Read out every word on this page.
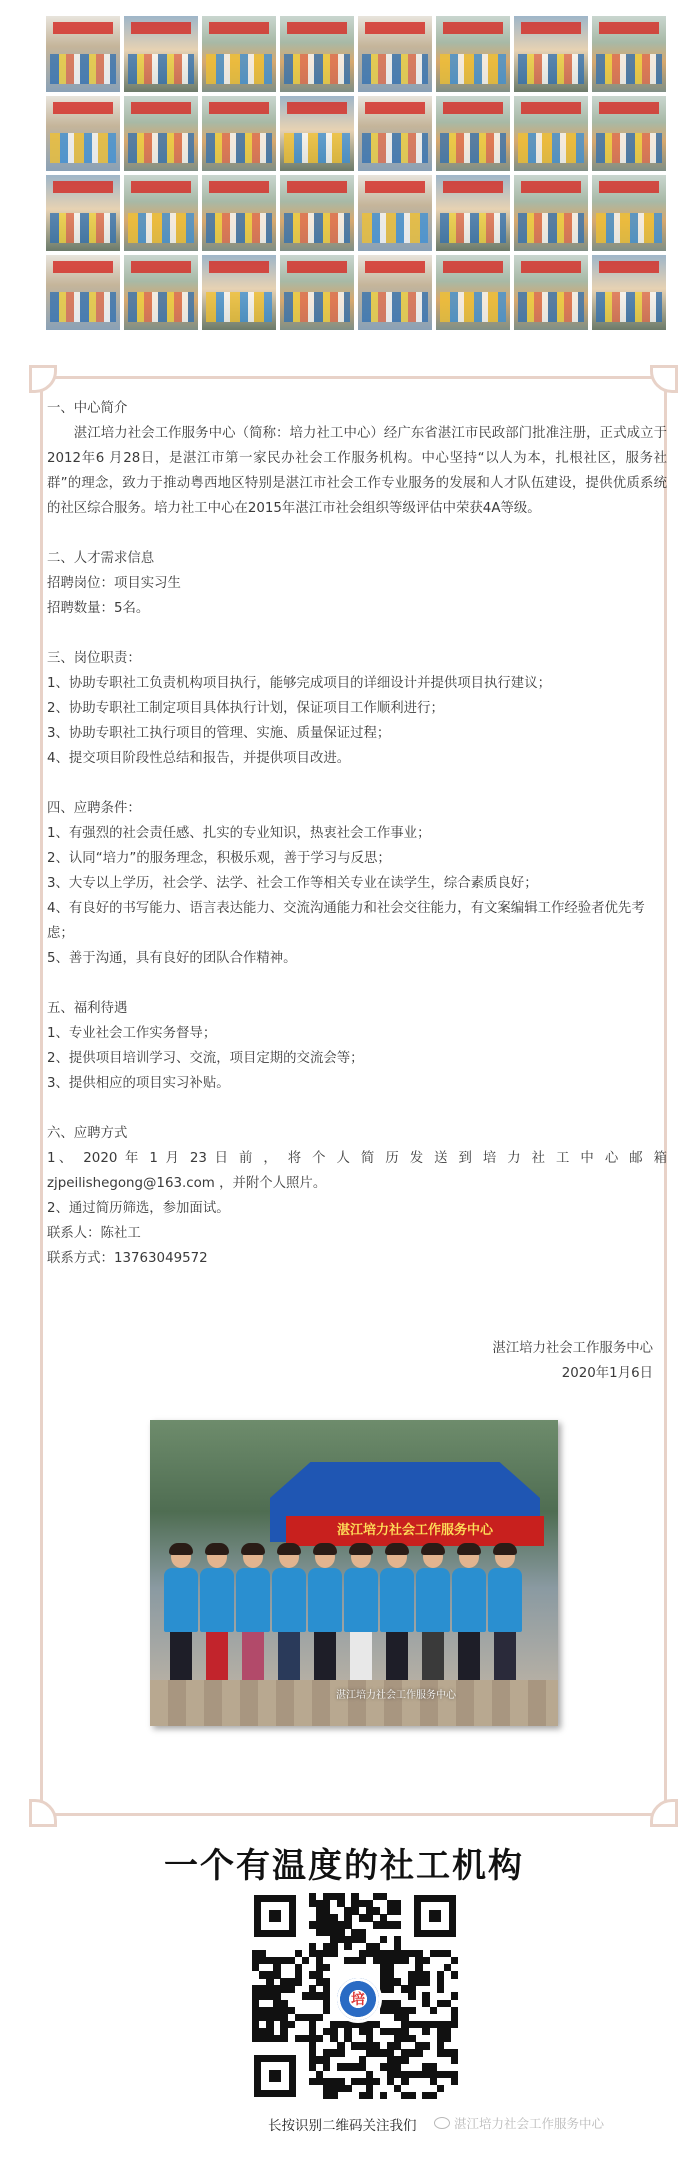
一、中心简介

湛江培力社会工作服务中心（简称：培力社工中心）经广东省湛江市民政部门批准注册，正式成立于2012年6 月28日，是湛江市第一家民办社会工作服务机构。中心坚持“以人为本，扎根社区，服务社群”的理念，致力于推动粤西地区特别是湛江市社会工作专业服务的发展和人才队伍建设，提供优质系统的社区综合服务。培力社工中心在2015年湛江市社会组织等级评估中荣获4A等级。

二、人才需求信息

招聘岗位：项目实习生

招聘数量：5名。

三、岗位职责：

1、协助专职社工负责机构项目执行，能够完成项目的详细设计并提供项目执行建议；

2、协助专职社工制定项目具体执行计划，保证项目工作顺利进行；

3、协助专职社工执行项目的管理、实施、质量保证过程；

4、提交项目阶段性总结和报告，并提供项目改进。

四、应聘条件：

1、有强烈的社会责任感、扎实的专业知识，热衷社会工作事业；

2、认同“培力”的服务理念，积极乐观，善于学习与反思；

3、大专以上学历，社会学、法学、社会工作等相关专业在读学生，综合素质良好；

4、有良好的书写能力、语言表达能力、交流沟通能力和社会交往能力，有文案编辑工作经验者优先考虑；

5、善于沟通，具有良好的团队合作精神。

五、福利待遇

1、专业社会工作实务督导；

2、提供项目培训学习、交流，项目定期的交流会等；

3、提供相应的项目实习补贴。

六、应聘方式

1、 2020 年 1 月 23 日 前 ， 将 个 人 简 历 发 送 到 培 力 社 工 中 心 邮 箱

zjpeilishegong@163.com ，并附个人照片。

2、通过简历筛选，参加面试。

联系人：陈社工

联系方式：13763049572

湛江培力社会工作服务中心
2020年1月6日
湛江培力社会工作服务中心
湛江培力社会工作服务中心
一个有温度的社工机构
培
长按识别二维码关注我们	湛江培力社会工作服务中心
